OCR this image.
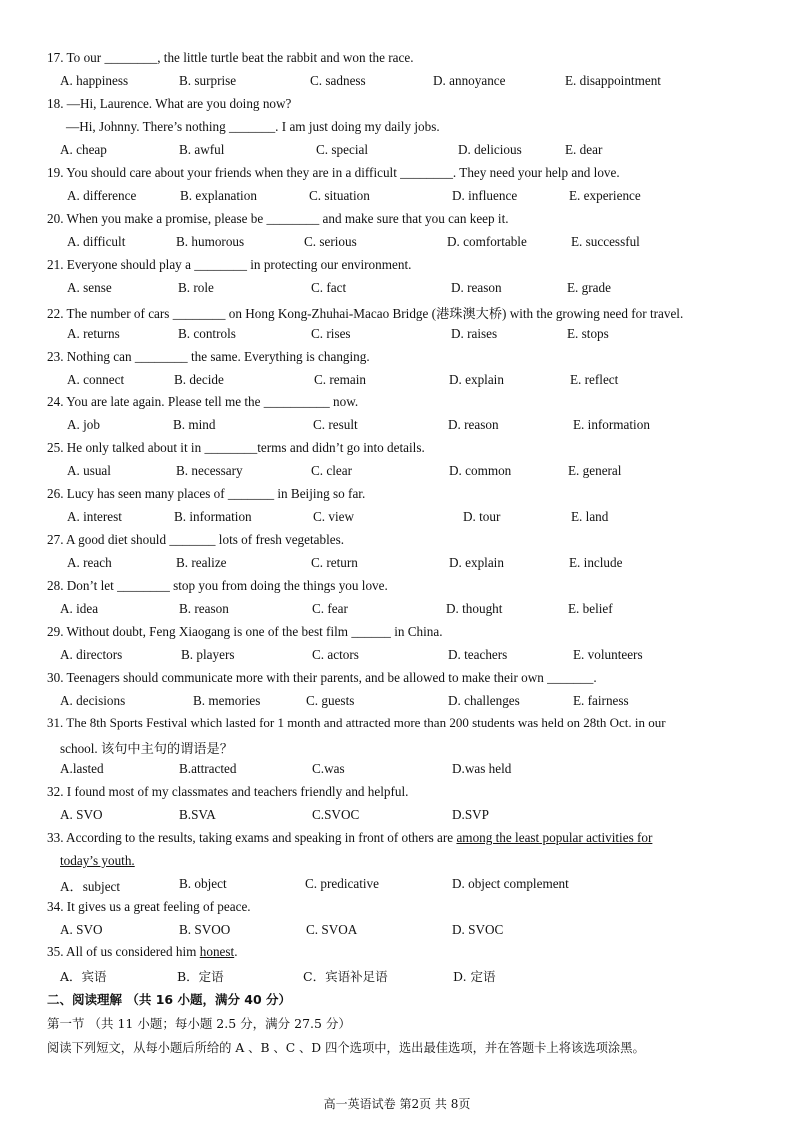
17. To our ________, the little turtle beat the rabbit and won the race.
A. happiness	B. surprise	C. sadness	D. annoyance	E. disappointment
18. —Hi, Laurence. What are you doing now?
—Hi, Johnny. There’s nothing _______. I am just doing my daily jobs.
A. cheap	B. awful	C. special	D. delicious	E. dear
19. You should care about your friends when they are in a difficult ________. They need your help and love.
A. difference	B. explanation	C. situation	D. influence	E. experience
20. When you make a promise, please be ________ and make sure that you can keep it.
A. difficult	B. humorous	C. serious	D. comfortable	E. successful
21. Everyone should play a ________ in protecting our environment.
A. sense	B. role	C. fact	D. reason	E. grade
22. The number of cars ________ on Hong Kong-Zhuhai-Macao Bridge (港珠澳大桥) with the growing need for travel.
A. returns	B. controls	C. rises	D. raises	E. stops
23. Nothing can ________ the same. Everything is changing.
A. connect	B. decide	C. remain	D. explain	E. reflect
24. You are late again. Please tell me the __________ now.
A. job	B. mind	C. result	D. reason	E. information
25. He only talked about it in ________terms and didn’t go into details.
A. usual	B. necessary	C. clear	D. common	E. general
26. Lucy has seen many places of _______ in Beijing so far.
A. interest	B. information	C. view	D. tour	E. land
27. A good diet should _______ lots of fresh vegetables.
A. reach	B. realize	C. return	D. explain	E. include
28. Don’t let ________ stop you from doing the things you love.
A. idea	B. reason	C. fear	D. thought	E. belief
29. Without doubt, Feng Xiaogang is one of the best film ______ in China.
A. directors	B. players	C. actors	D. teachers	E. volunteers
30. Teenagers should communicate more with their parents, and be allowed to make their own _______.
A. decisions	B. memories	C. guests	D. challenges	E. fairness
31. The 8th Sports Festival which lasted for 1 month and attracted more than 200 students was held on 28th Oct. in our
school. 该句中主句的谓语是？
A.lasted	B.attracted	C.was	D.was held
32. I found most of my classmates and teachers friendly and helpful.
A. SVO	B.SVA	C.SVOC	D.SVP
33. According to the results, taking exams and speaking in front of others are among the least popular activities for
today’s youth.
A．subject	B. object	C. predicative	D. object complement
34. It gives us a great feeling of peace.
A. SVO	B. SVOO	C. SVOA	D. SVOC
35. All of us considered him honest.
A．宾语	B．定语	C．宾语补足语	D. 定语
二、阅读理解 （共 16 小题，满分 40 分）
第一节 （共 11 小题；每小题 2.5 分，满分 27.5 分）
阅读下列短文，从每小题后所给的 A 、B 、C 、D 四个选项中，选出最佳选项，并在答题卡上将该选项涂黑。
高一英语试卷 第2页 共 8页
